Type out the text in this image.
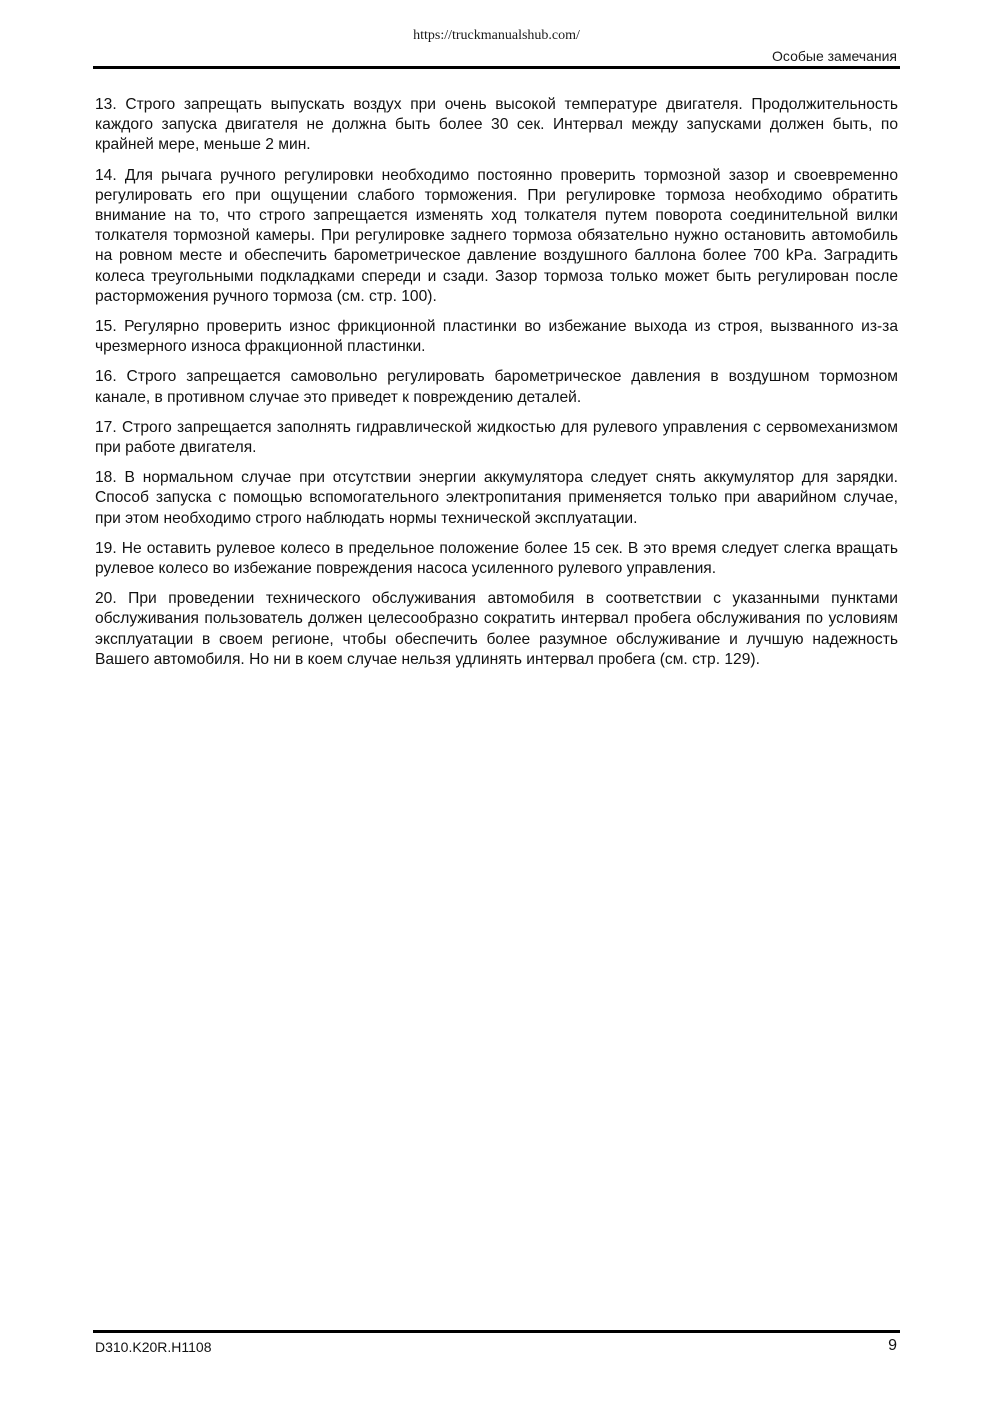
https://truckmanualshub.com/
Особые замечания

13. Строго запрещать выпускать воздух при очень высокой температуре двигателя. Продолжительность каждого запуска двигателя не должна быть более 30 сек. Интервал между запусками должен быть, по крайней мере, меньше 2 мин.

14. Для рычага ручного регулировки необходимо постоянно проверить тормозной зазор и своевременно регулировать его при ощущении слабого торможения. При регулировке тормоза необходимо обратить внимание на то, что строго запрещается изменять ход толкателя путем поворота соединительной вилки толкателя тормозной камеры. При регулировке заднего тормоза обязательно нужно остановить автомобиль на ровном месте и обеспечить барометрическое давление воздушного баллона более 700 kPa. Заградить колеса треугольными подкладками спереди и сзади. Зазор тормоза только может быть регулирован после расторможения ручного тормоза (см. стр. 100).

15. Регулярно проверить износ фрикционной пластинки во избежание выхода из строя, вызванного из-за чрезмерного износа фракционной пластинки.

16. Строго запрещается самовольно регулировать барометрическое давления в воздушном тормозном канале, в противном случае это приведет к повреждению деталей.

17. Строго запрещается заполнять гидравлической жидкостью для рулевого управления с сервомеханизмом при работе двигателя.

18. В нормальном случае при отсутствии энергии аккумулятора следует снять аккумулятор для зарядки. Способ запуска с помощью вспомогательного электропитания применяется только при аварийном случае, при этом необходимо строго наблюдать нормы технической эксплуатации.

19. Не оставить рулевое колесо в предельное положение более 15 сек. В это время следует слегка вращать рулевое колесо во избежание повреждения насоса усиленного рулевого управления.

20. При проведении технического обслуживания автомобиля в соответствии с указанными пунктами обслуживания пользователь должен целесообразно сократить интервал пробега обслуживания по условиям эксплуатации в своем регионе, чтобы обеспечить более разумное обслуживание и лучшую надежность Вашего автомобиля. Но ни в коем случае нельзя удлинять интервал пробега (см. стр. 129).

D310.K20R.H1108	9
